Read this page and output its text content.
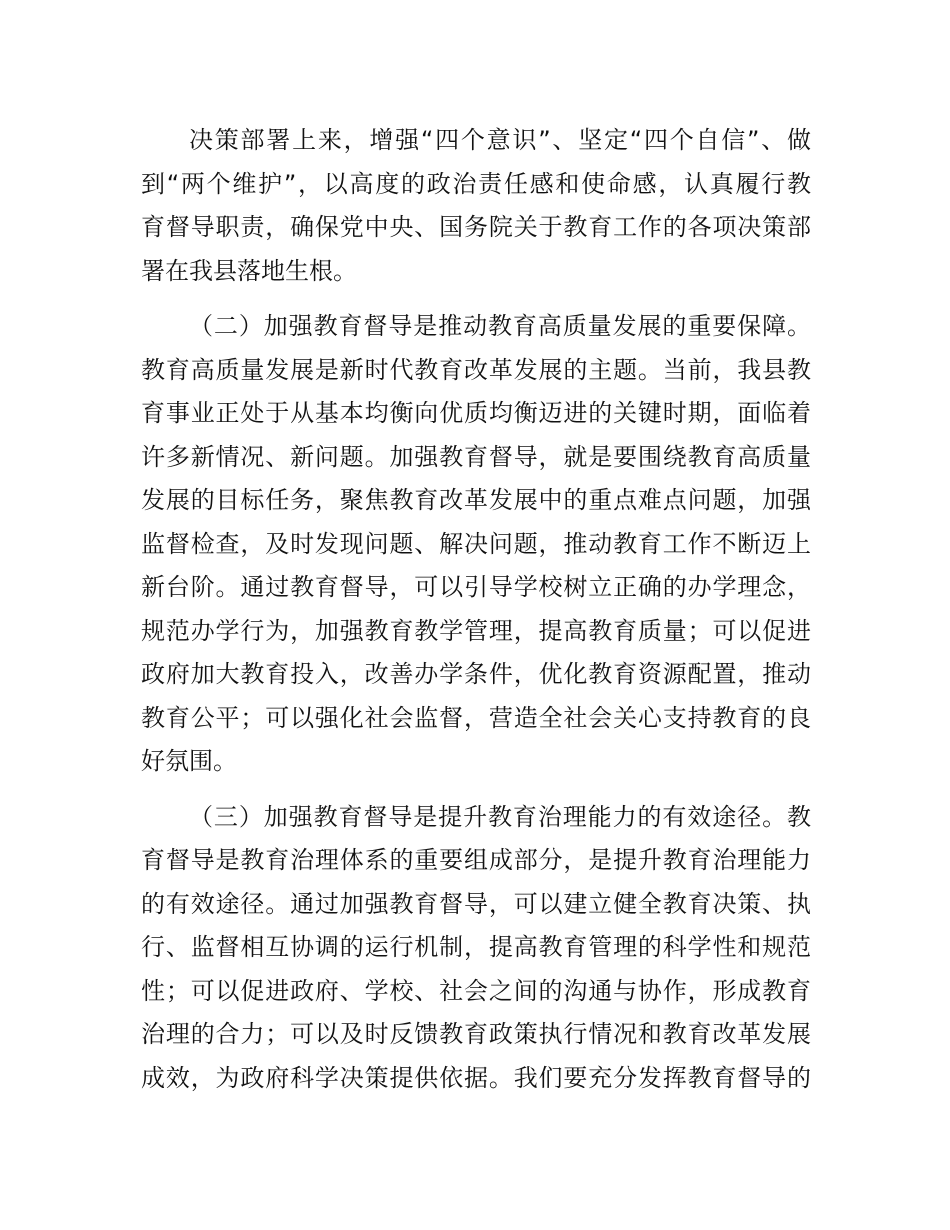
决策部署上来，增强“四个意识”、坚定“四个自信”、做
到“两个维护”，以高度的政治责任感和使命感，认真履行教
育督导职责，确保党中央、国务院关于教育工作的各项决策部
署在我县落地生根。
（二）加强教育督导是推动教育高质量发展的重要保障。
教育高质量发展是新时代教育改革发展的主题。当前，我县教
育事业正处于从基本均衡向优质均衡迈进的关键时期，面临着
许多新情况、新问题。加强教育督导，就是要围绕教育高质量
发展的目标任务，聚焦教育改革发展中的重点难点问题，加强
监督检查，及时发现问题、解决问题，推动教育工作不断迈上
新台阶。通过教育督导，可以引导学校树立正确的办学理念，
规范办学行为，加强教育教学管理，提高教育质量；可以促进
政府加大教育投入，改善办学条件，优化教育资源配置，推动
教育公平；可以强化社会监督，营造全社会关心支持教育的良
好氛围。
（三）加强教育督导是提升教育治理能力的有效途径。教
育督导是教育治理体系的重要组成部分，是提升教育治理能力
的有效途径。通过加强教育督导，可以建立健全教育决策、执
行、监督相互协调的运行机制，提高教育管理的科学性和规范
性；可以促进政府、学校、社会之间的沟通与协作，形成教育
治理的合力；可以及时反馈教育政策执行情况和教育改革发展
成效，为政府科学决策提供依据。我们要充分发挥教育督导的
